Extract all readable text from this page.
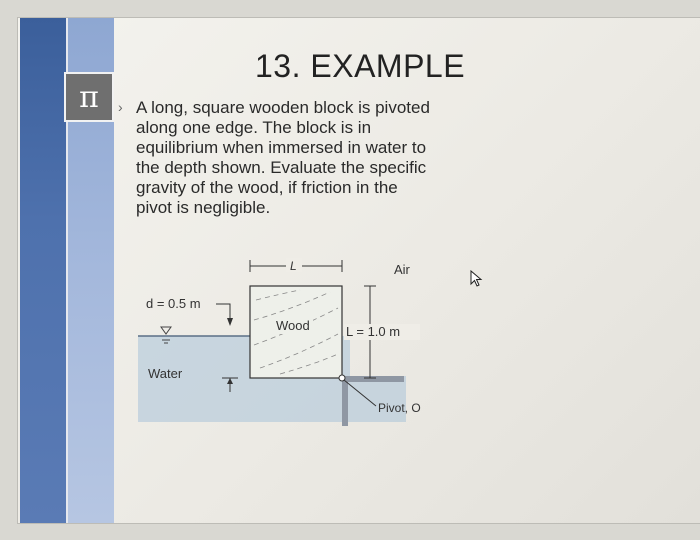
π
13. EXAMPLE
› A long, square wooden block is pivoted
along one edge. The block is in
equilibrium when immersed in water to
the depth shown. Evaluate the specific
gravity of the wood, if friction in the
pivot is negligible.
L	Air
d = 0.5 m
Wood	L = 1.0 m
Water
Pivot, O
